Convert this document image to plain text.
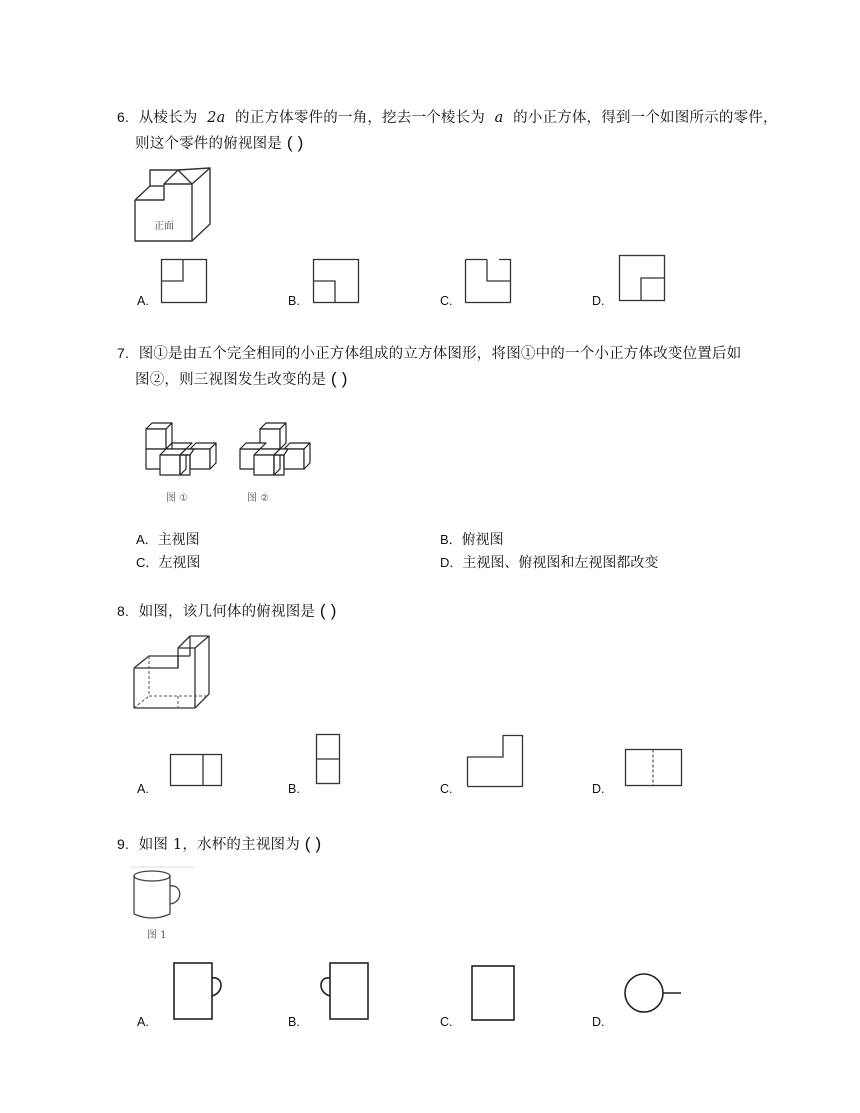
6. 从棱长为 2a 的正方体零件的一角，挖去一个棱长为 a 的小正方体，得到一个如图所示的零件，
则这个零件的俯视图是 ( )
正面
A.	B.	C.	D.
7. 图①是由五个完全相同的小正方体组成的立方体图形，将图①中的一个小正方体改变位置后如
图②，则三视图发生改变的是 ( )
图 ①	图 ②
A．主视图	B．俯视图
C．左视图	D．主视图、俯视图和左视图都改变
8. 如图，该几何体的俯视图是 ( )
A.	B.	C.	D.
9. 如图 1，水杯的主视图为 ( )
图 1
A.	B.	C.	D.
